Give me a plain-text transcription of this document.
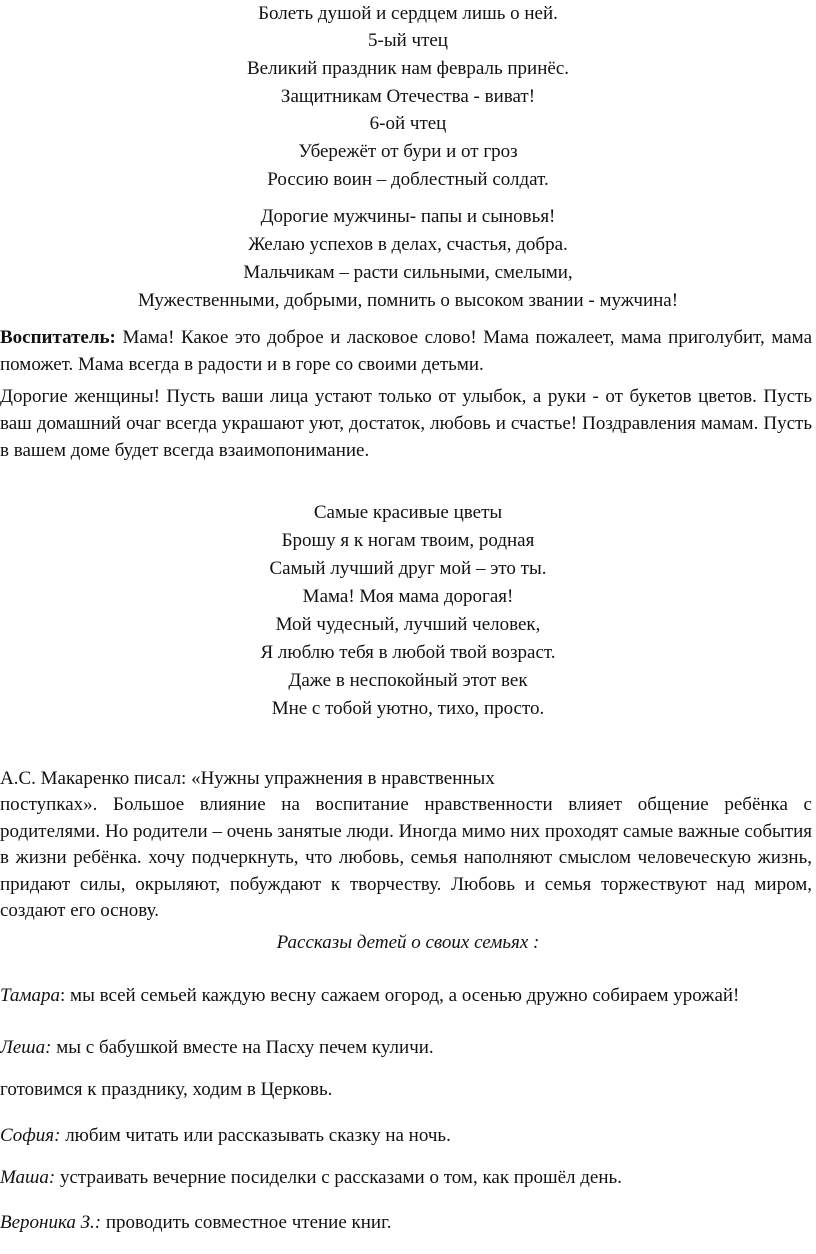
Болеть душой и сердцем лишь о ней.
5-ый чтец
Великий праздник нам февраль принёс.
Защитникам Отечества - виват!
6-ой чтец
Убережёт от бури и от гроз
Россию воин – доблестный солдат.
Дорогие мужчины- папы и сыновья!
Желаю успехов в делах, счастья, добра.
Мальчикам – расти сильными, смелыми,
Мужественными, добрыми, помнить о высоком звании - мужчина!
Воспитатель: Мама! Какое это доброе и ласковое слово! Мама пожалеет, мама приголубит, мама поможет. Мама всегда в радости и в горе со своими детьми.
Дорогие женщины! Пусть ваши лица устают только от улыбок, а руки - от букетов цветов. Пусть ваш домашний очаг всегда украшают уют, достаток, любовь и счастье! Поздравления мамам. Пусть в вашем доме будет всегда взаимопонимание.
Самые красивые цветы
Брошу я к ногам твоим, родная
Самый лучший друг мой – это ты.
Мама! Моя мама дорогая!
Мой чудесный, лучший человек,
Я люблю тебя в любой твой возраст.
Даже в неспокойный этот век
Мне с тобой уютно, тихо, просто.
А.С. Макаренко писал: «Нужны упражнения в нравственных
поступках». Большое влияние на воспитание нравственности влияет общение ребёнка с родителями. Но родители – очень занятые люди. Иногда мимо них проходят самые важные события в жизни ребёнка. хочу подчеркнуть, что любовь, семья наполняют смыслом человеческую жизнь, придают силы, окрыляют, побуждают к творчеству. Любовь и семья торжествуют над миром, создают его основу.
Рассказы детей о своих семьях :
Тамара: мы всей семьей каждую весну сажаем огород, а осенью дружно собираем урожай!
Леша: мы с бабушкой вместе на Пасху печем куличи.
готовимся к празднику, ходим в Церковь.
София: любим читать или рассказывать сказку на ночь.
Маша: устраивать вечерние посиделки с рассказами о том, как прошёл день.
Вероника З.: проводить совместное чтение книг.
